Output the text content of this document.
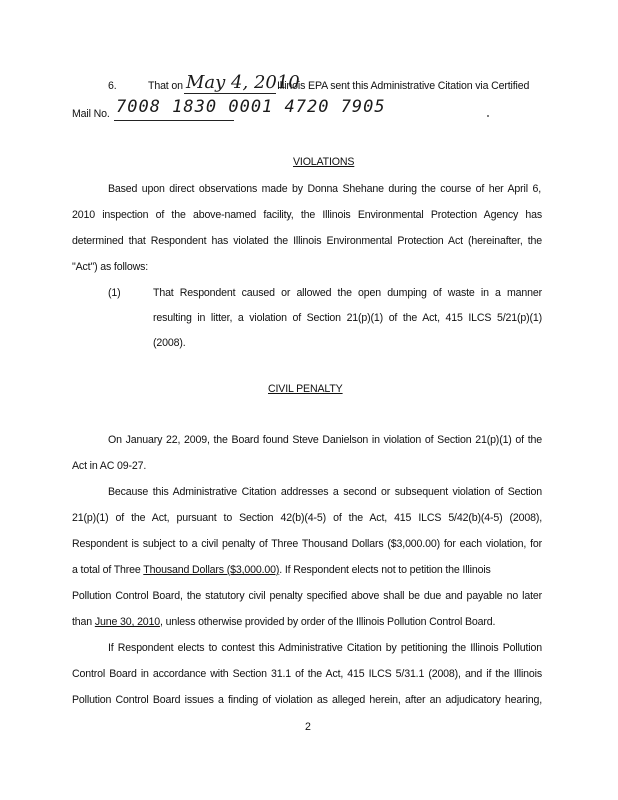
6.	That on May 4, 2010
Illinois EPA sent this Administrative Citation via Certified
Mail No. 7008 1830 0001 4720 7905
VIOLATIONS
Based upon direct observations made by Donna Shehane during the course of her April 6,
2010 inspection of the above-named facility, the Illinois Environmental Protection Agency has
determined that Respondent has violated the Illinois Environmental Protection Act (hereinafter, the
"Act") as follows:
(1)	That Respondent caused or allowed the open dumping of waste in a manner
resulting in litter, a violation of Section 21(p)(1) of the Act, 415 ILCS 5/21(p)(1)
(2008).
CIVIL PENALTY
On January 22, 2009, the Board found Steve Danielson in violation of Section 21(p)(1) of the
Act in AC 09-27.
Because this Administrative Citation addresses a second or subsequent violation of Section
21(p)(1) of the Act, pursuant to Section 42(b)(4-5) of the Act, 415 ILCS 5/42(b)(4-5) (2008),
Respondent is subject to a civil penalty of Three Thousand Dollars ($3,000.00) for each violation, for
a total of Three Thousand Dollars ($3,000.00). If Respondent elects not to petition the Illinois
Pollution Control Board, the statutory civil penalty specified above shall be due and payable no later
than June 30, 2010, unless otherwise provided by order of the Illinois Pollution Control Board.
If Respondent elects to contest this Administrative Citation by petitioning the Illinois Pollution
Control Board in accordance with Section 31.1 of the Act, 415 ILCS 5/31.1 (2008), and if the Illinois
Pollution Control Board issues a finding of violation as alleged herein, after an adjudicatory hearing,
2
